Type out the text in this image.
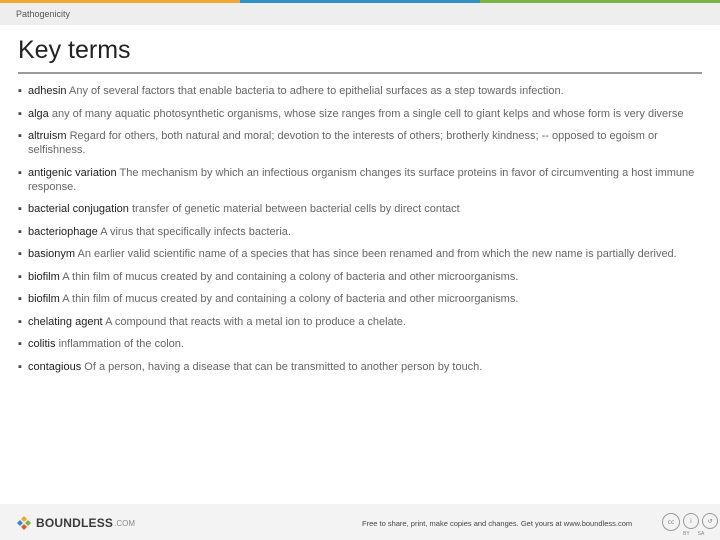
Pathogenicity
Key terms
▪ adhesin Any of several factors that enable bacteria to adhere to epithelial surfaces as a step towards infection.
▪ alga any of many aquatic photosynthetic organisms, whose size ranges from a single cell to giant kelps and whose form is very diverse
▪ altruism Regard for others, both natural and moral; devotion to the interests of others; brotherly kindness; -- opposed to egoism or selfishness.
▪ antigenic variation The mechanism by which an infectious organism changes its surface proteins in favor of circumventing a host immune response.
▪ bacterial conjugation transfer of genetic material between bacterial cells by direct contact
▪ bacteriophage A virus that specifically infects bacteria.
▪ basionym An earlier valid scientific name of a species that has since been renamed and from which the new name is partially derived.
▪ biofilm A thin film of mucus created by and containing a colony of bacteria and other microorganisms.
▪ biofilm A thin film of mucus created by and containing a colony of bacteria and other microorganisms.
▪ chelating agent A compound that reacts with a metal ion to produce a chelate.
▪ colitis inflammation of the colon.
▪ contagious Of a person, having a disease that can be transmitted to another person by touch.
BOUNDLESS .COM	Free to share, print, make copies and changes. Get yours at www.boundless.com	cc	i	↺
BY SA
